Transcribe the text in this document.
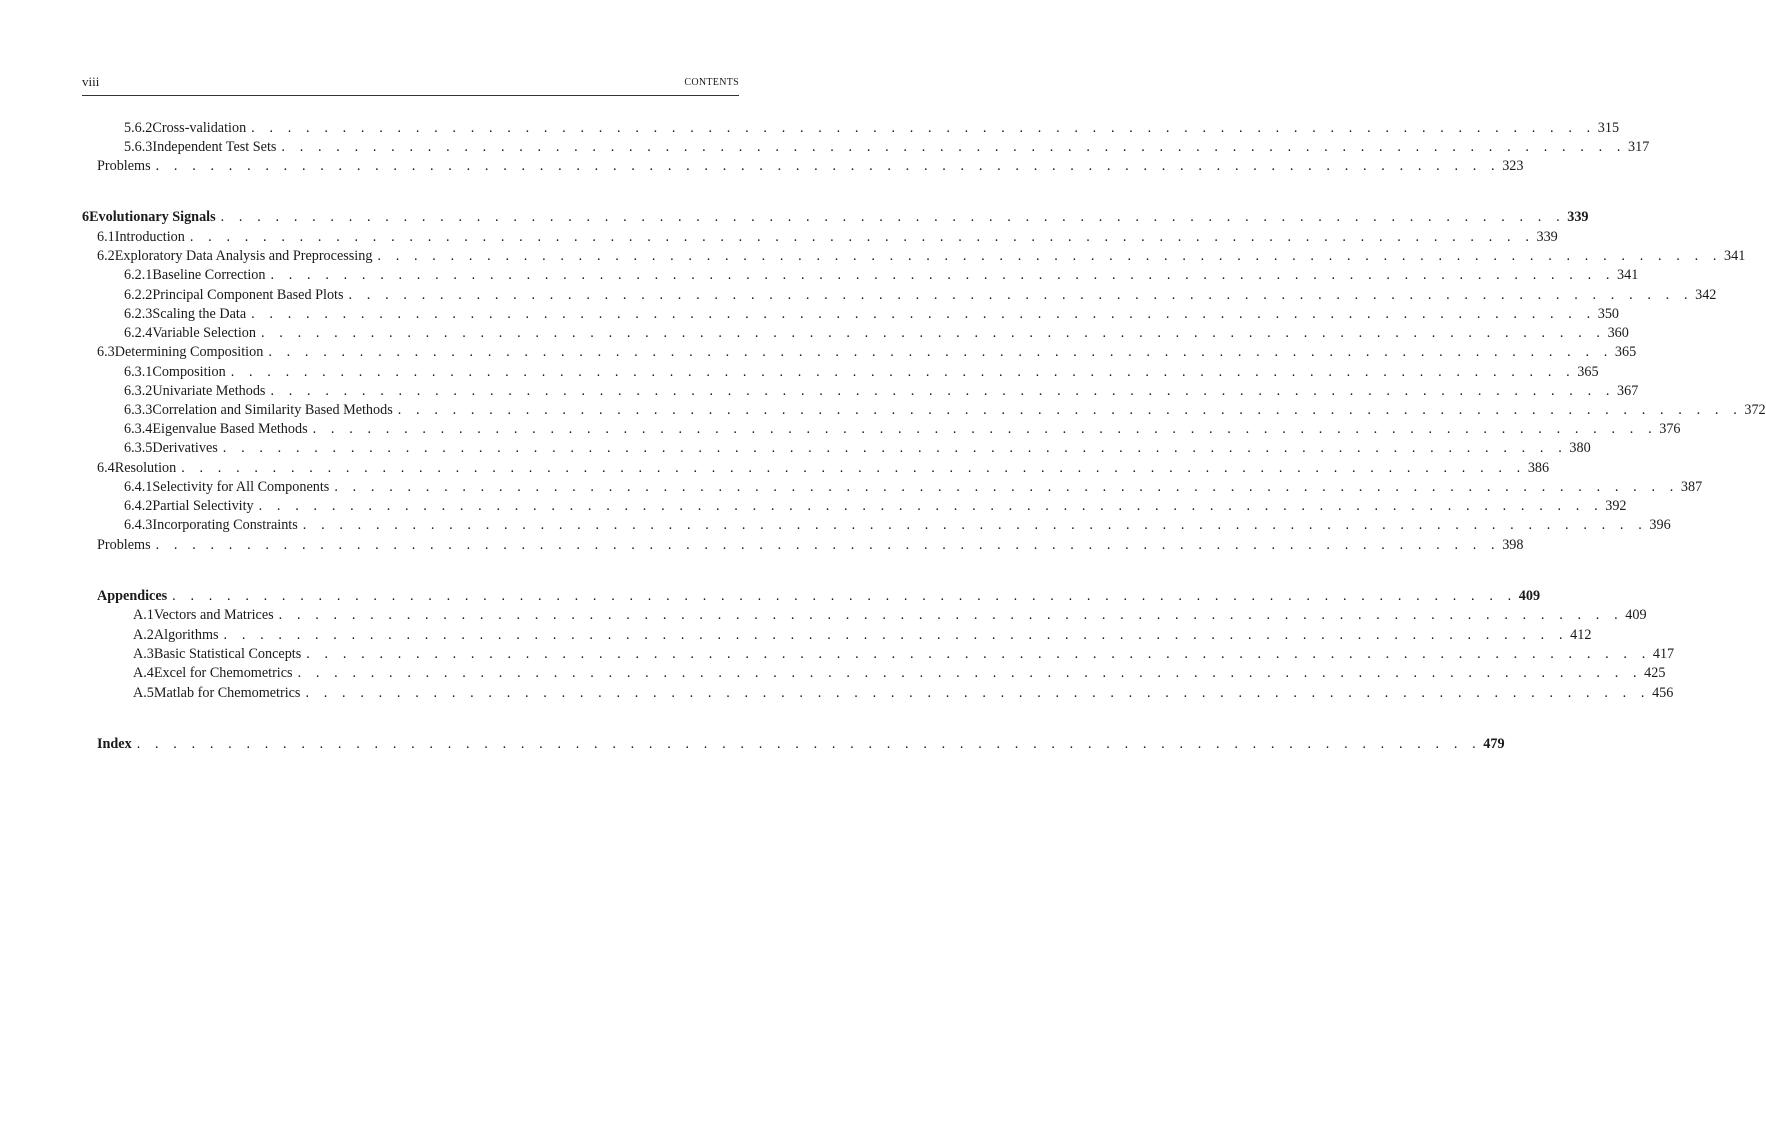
viii	CONTENTS
5.6.2 Cross-validation . . . . . . . . . . . . . . . . . . . . . . . . . . . . . . . . . . . . . . . . . . . . . . . . . . . . . . . . . . . . . . . . . . . . . . . . . . 315
5.6.3 Independent Test Sets . . . . . . . . . . . . . . . . . . . . . . . . . . . . . . . . . . . . . . . . . . . . . . . . . . . . . . . . . . . . . . . . . . . . . . . . . . 317
Problems . . . . . . . . . . . . . . . . . . . . . . . . . . . . . . . . . . . . . . . . . . . . . . . . . . . . . . . . . . . . . . . . . . . . . . . . . . 323
6 Evolutionary Signals . . . . . . . . . . . . . . . . . . . . . . . . . . . . . . . . . . . . . . . . . . . . . . . . . . . . . . . . . . . . . . . . . . . . . . . . . . 339
6.1 Introduction . . . . . . . . . . . . . . . . . . . . . . . . . . . . . . . . . . . . . . . . . . . . . . . . . . . . . . . . . . . . . . . . . . . . . . . . . . 339
6.2 Exploratory Data Analysis and Preprocessing . . . . . . . . . . . . . . . . . . . . . . . . . . . . . . . . . . . . . . . . . . . . . . . . . . . . . . . . . . . . . . . . . . . . . . . . . . 341
6.2.1 Baseline Correction . . . . . . . . . . . . . . . . . . . . . . . . . . . . . . . . . . . . . . . . . . . . . . . . . . . . . . . . . . . . . . . . . . . . . . . . . . 341
6.2.2 Principal Component Based Plots . . . . . . . . . . . . . . . . . . . . . . . . . . . . . . . . . . . . . . . . . . . . . . . . . . . . . . . . . . . . . . . . . . . . . . . . . . 342
6.2.3 Scaling the Data . . . . . . . . . . . . . . . . . . . . . . . . . . . . . . . . . . . . . . . . . . . . . . . . . . . . . . . . . . . . . . . . . . . . . . . . . . 350
6.2.4 Variable Selection . . . . . . . . . . . . . . . . . . . . . . . . . . . . . . . . . . . . . . . . . . . . . . . . . . . . . . . . . . . . . . . . . . . . . . . . . . 360
6.3 Determining Composition . . . . . . . . . . . . . . . . . . . . . . . . . . . . . . . . . . . . . . . . . . . . . . . . . . . . . . . . . . . . . . . . . . . . . . . . . . 365
6.3.1 Composition . . . . . . . . . . . . . . . . . . . . . . . . . . . . . . . . . . . . . . . . . . . . . . . . . . . . . . . . . . . . . . . . . . . . . . . . . . 365
6.3.2 Univariate Methods . . . . . . . . . . . . . . . . . . . . . . . . . . . . . . . . . . . . . . . . . . . . . . . . . . . . . . . . . . . . . . . . . . . . . . . . . . 367
6.3.3 Correlation and Similarity Based Methods . . . . . . . . . . . . . . . . . . . . . . . . . . . . . . . . . . . . . . . . . . . . . . . . . . . . . . . . . . . . . . . . . . . . . . . . . . 372
6.3.4 Eigenvalue Based Methods . . . . . . . . . . . . . . . . . . . . . . . . . . . . . . . . . . . . . . . . . . . . . . . . . . . . . . . . . . . . . . . . . . . . . . . . . . 376
6.3.5 Derivatives . . . . . . . . . . . . . . . . . . . . . . . . . . . . . . . . . . . . . . . . . . . . . . . . . . . . . . . . . . . . . . . . . . . . . . . . . . 380
6.4 Resolution . . . . . . . . . . . . . . . . . . . . . . . . . . . . . . . . . . . . . . . . . . . . . . . . . . . . . . . . . . . . . . . . . . . . . . . . . . 386
6.4.1 Selectivity for All Components . . . . . . . . . . . . . . . . . . . . . . . . . . . . . . . . . . . . . . . . . . . . . . . . . . . . . . . . . . . . . . . . . . . . . . . . . . 387
6.4.2 Partial Selectivity . . . . . . . . . . . . . . . . . . . . . . . . . . . . . . . . . . . . . . . . . . . . . . . . . . . . . . . . . . . . . . . . . . . . . . . . . . 392
6.4.3 Incorporating Constraints . . . . . . . . . . . . . . . . . . . . . . . . . . . . . . . . . . . . . . . . . . . . . . . . . . . . . . . . . . . . . . . . . . . . . . . . . . 396
Problems . . . . . . . . . . . . . . . . . . . . . . . . . . . . . . . . . . . . . . . . . . . . . . . . . . . . . . . . . . . . . . . . . . . . . . . . . . 398
Appendices . . . . . . . . . . . . . . . . . . . . . . . . . . . . . . . . . . . . . . . . . . . . . . . . . . . . . . . . . . . . . . . . . . . . . . . . . . 409
A.1 Vectors and Matrices . . . . . . . . . . . . . . . . . . . . . . . . . . . . . . . . . . . . . . . . . . . . . . . . . . . . . . . . . . . . . . . . . . . . . . . . . . 409
A.2 Algorithms . . . . . . . . . . . . . . . . . . . . . . . . . . . . . . . . . . . . . . . . . . . . . . . . . . . . . . . . . . . . . . . . . . . . . . . . . . 412
A.3 Basic Statistical Concepts . . . . . . . . . . . . . . . . . . . . . . . . . . . . . . . . . . . . . . . . . . . . . . . . . . . . . . . . . . . . . . . . . . . . . . . . . . 417
A.4 Excel for Chemometrics . . . . . . . . . . . . . . . . . . . . . . . . . . . . . . . . . . . . . . . . . . . . . . . . . . . . . . . . . . . . . . . . . . . . . . . . . . 425
A.5 Matlab for Chemometrics . . . . . . . . . . . . . . . . . . . . . . . . . . . . . . . . . . . . . . . . . . . . . . . . . . . . . . . . . . . . . . . . . . . . . . . . . . 456
Index . . . . . . . . . . . . . . . . . . . . . . . . . . . . . . . . . . . . . . . . . . . . . . . . . . . . . . . . . . . . . . . . . . . . . . . . . . 479
